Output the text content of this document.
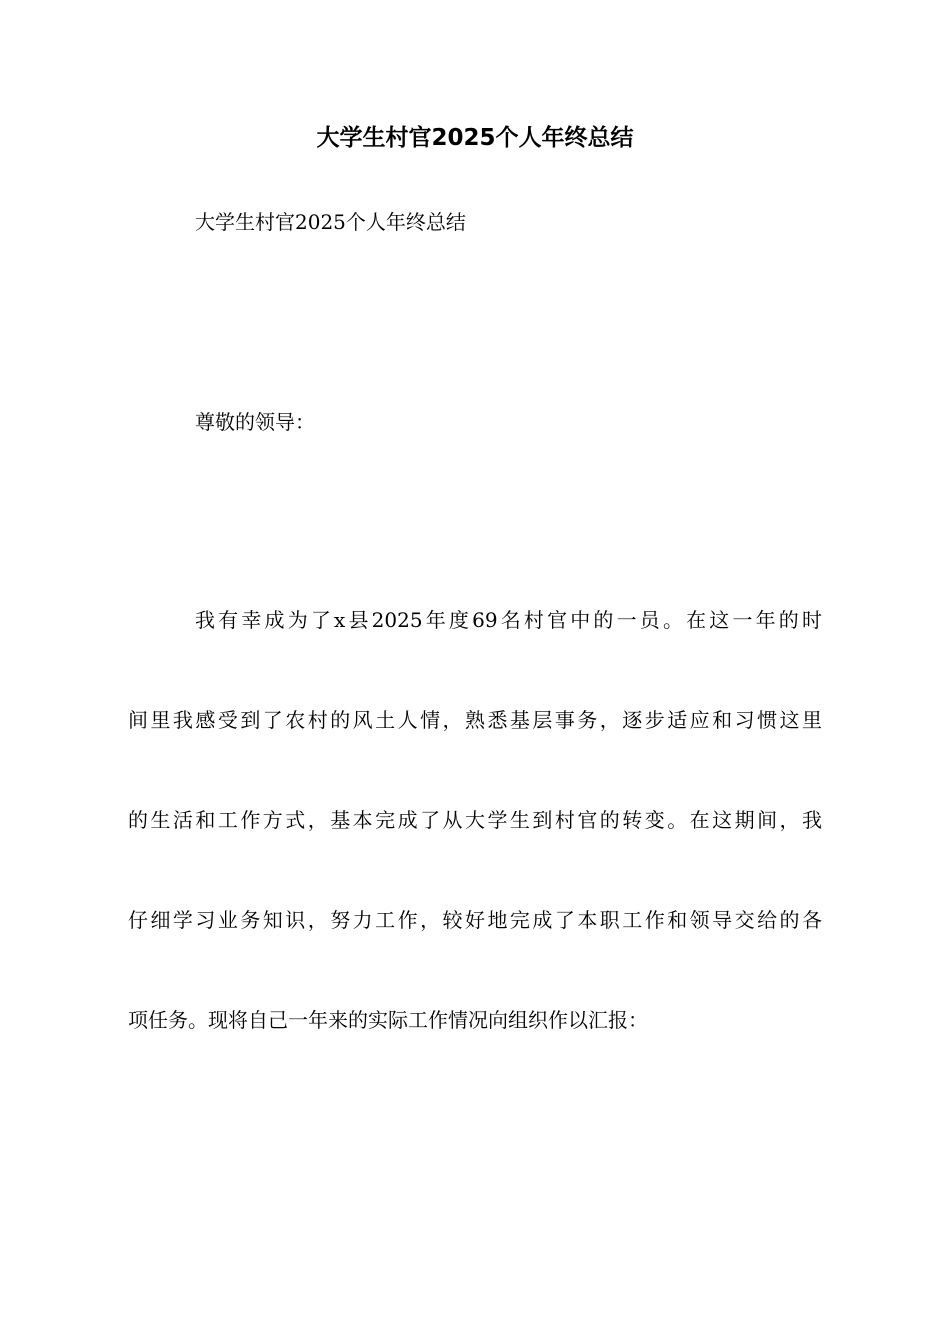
大学生村官2025个人年终总结

大学生村官2025个人年终总结

尊敬的领导：

我有幸成为了x县2025年度69名村官中的一员。在这一年的时
间里我感受到了农村的风土人情，熟悉基层事务，逐步适应和习惯这里
的生活和工作方式，基本完成了从大学生到村官的转变。在这期间，我
仔细学习业务知识，努力工作，较好地完成了本职工作和领导交给的各
项任务。现将自己一年来的实际工作情况向组织作以汇报：
